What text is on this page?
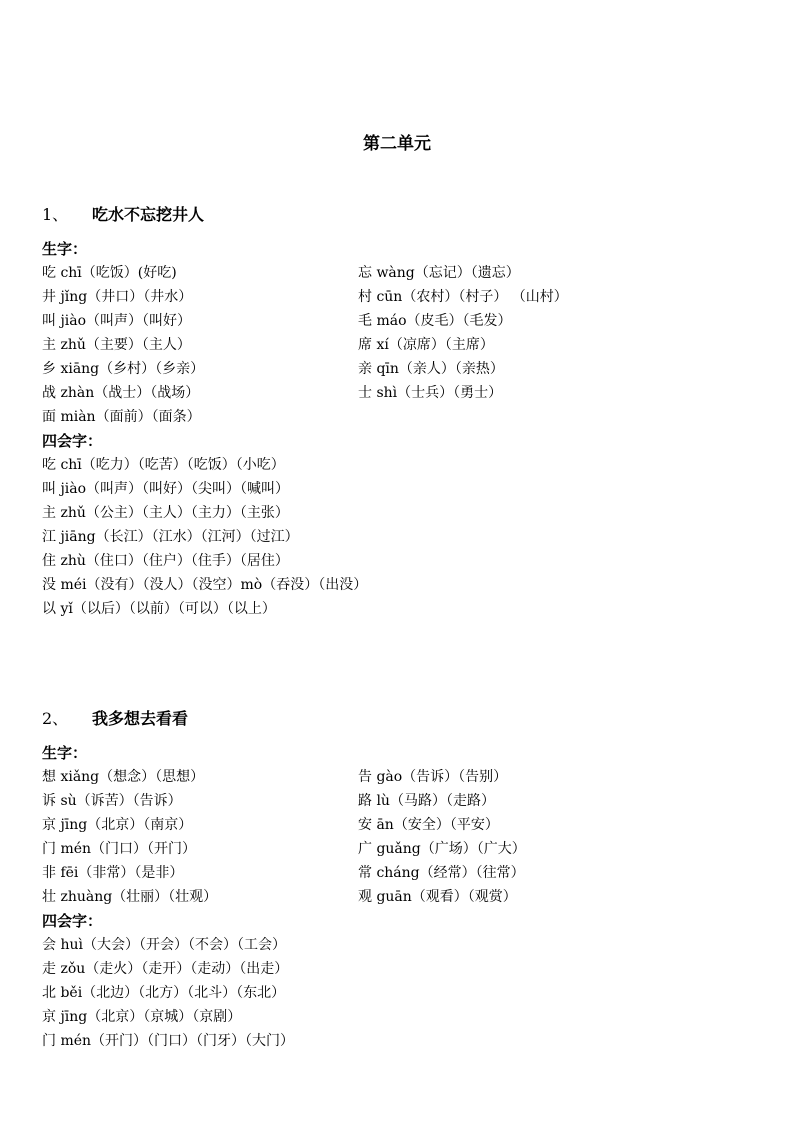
第二单元
1、	吃水不忘挖井人
生字：
吃 chī（吃饭）(好吃)	忘 wàng（忘记）（遗忘）
井 jǐng（井口）（井水）	村 cūn（农村）（村子） （山村）
叫 jiào（叫声）（叫好）	毛 máo（皮毛）（毛发）
主 zhǔ（主要）（主人）	席 xí（凉席）（主席）
乡 xiāng（乡村）（乡亲）	亲 qīn（亲人）（亲热）
战 zhàn（战士）（战场）	士 shì（士兵）（勇士）
面 miàn（面前）（面条）
四会字：
吃 chī（吃力）（吃苦）（吃饭）（小吃）
叫 jiào（叫声）（叫好）（尖叫）（喊叫）
主 zhǔ（公主）（主人）（主力）（主张）
江 jiāng（长江）（江水）（江河）（过江）
住 zhù（住口）（住户）（住手）（居住）
没 méi（没有）（没人）（没空）mò（吞没）（出没）
以 yǐ（以后）（以前）（可以）（以上）
2、	我多想去看看
生字：
想 xiǎng（想念）（思想）	告 gào（告诉）（告别）
诉 sù（诉苦）（告诉）	路 lù（马路）（走路）
京 jīng（北京）（南京）	安 ān（安全）（平安）
门 mén（门口）（开门）	广 guǎng（广场）（广大）
非 fēi（非常）（是非）	常 cháng（经常）（往常）
壮 zhuàng（壮丽）（壮观）	观 guān（观看）（观赏）
四会字：
会 huì（大会）（开会）（不会）（工会）
走 zǒu（走火）（走开）（走动）（出走）
北 běi（北边）（北方）（北斗）（东北）
京 jīng（北京）（京城）（京剧）
门 mén（开门）（门口）（门牙）（大门）
